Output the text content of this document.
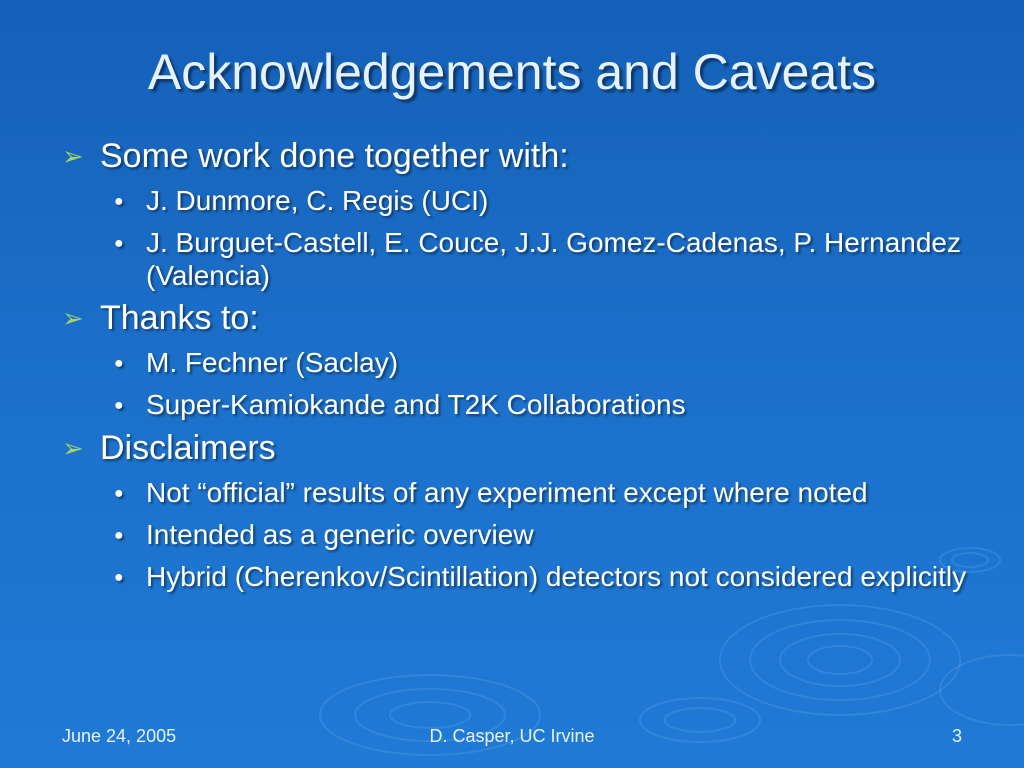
Acknowledgements and Caveats
➢ Some work done together with:
● J. Dunmore, C. Regis (UCI)
● J. Burguet-Castell, E. Couce, J.J. Gomez-Cadenas, P. Hernandez (Valencia)
➢ Thanks to:
● M. Fechner (Saclay)
● Super-Kamiokande and T2K Collaborations
➢ Disclaimers
● Not “official” results of any experiment except where noted
● Intended as a generic overview
● Hybrid (Cherenkov/Scintillation) detectors not considered explicitly
June 24, 2005	D. Casper, UC Irvine	3
